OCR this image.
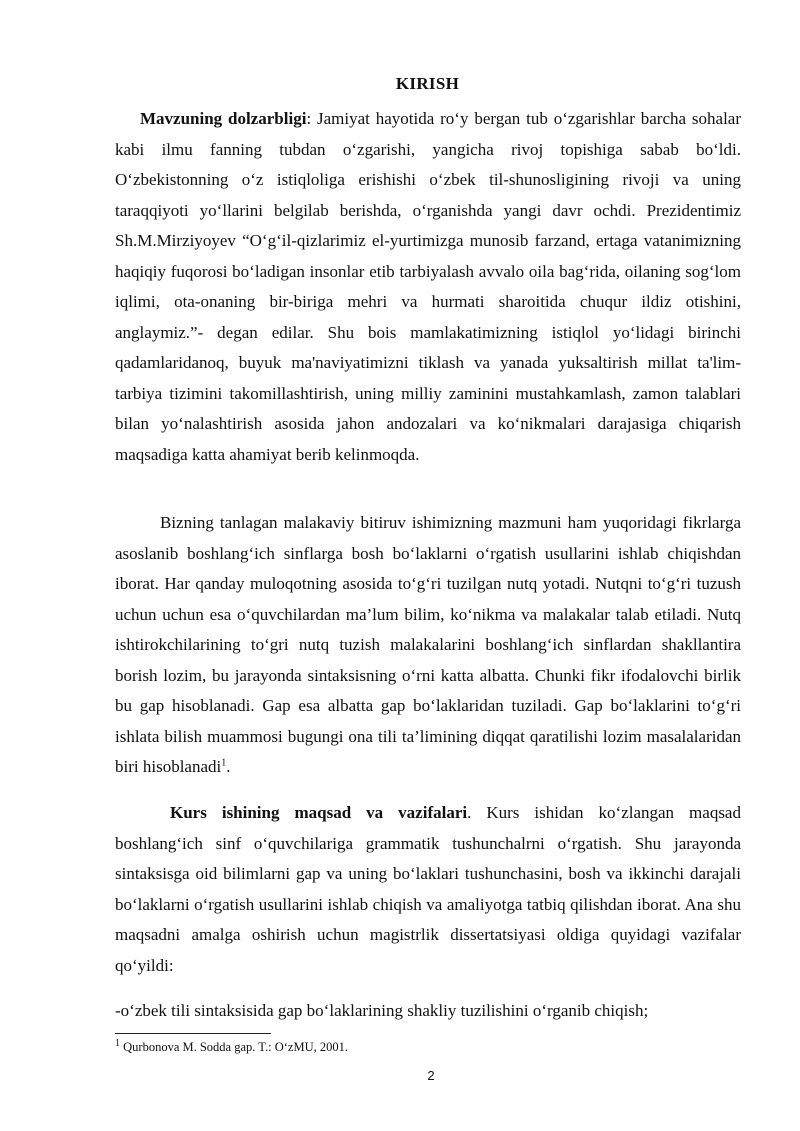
KIRISH
Mavzuning dolzarbligi: Jamiyat hayotida ro‘y bergan tub o‘zgarishlar barcha sohalar kabi ilmu fanning tubdan o‘zgarishi, yangicha rivoj topishiga sabab bo‘ldi. O‘zbekistonning o‘z istiqloliga erishishi o‘zbek til-shunosligining rivoji va uning taraqqiyoti yo‘llarini belgilab berishda, o‘rganishda yangi davr ochdi. Prezidentimiz Sh.M.Mirziyoyev “O‘g‘il-qizlarimiz el-yurtimizga munosib farzand, ertaga vatanimizning haqiqiy fuqorosi bo‘ladigan insonlar etib tarbiyalash avvalo oila bag‘rida, oilaning sog‘lom iqlimi, ota-onaning bir-biriga mehri va hurmati sharoitida chuqur ildiz otishini, anglaymiz.”- degan edilar. Shu bois mamlakatimizning istiqlol yo‘lidagi birinchi qadamlaridanoq, buyuk ma'naviyatimizni tiklash va yanada yuksaltirish millat ta'lim-tarbiya tizimini takomillashtirish, uning milliy zaminini mustahkamlash, zamon talablari bilan yo‘nalashtirish asosida jahon andozalari va ko‘nikmalari darajasiga chiqarish maqsadiga katta ahamiyat berib kelinmoqda.
Bizning tanlagan malakaviy bitiruv ishimizning mazmuni ham yuqoridagi fikrlarga asoslanib boshlang‘ich sinflarga bosh bo‘laklarni o‘rgatish usullarini ishlab chiqishdan iborat. Har qanday muloqotning asosida to‘g‘ri tuzilgan nutq yotadi. Nutqni to‘g‘ri tuzush uchun uchun esa o‘quvchilardan ma’lum bilim, ko‘nikma va malakalar talab etiladi. Nutq ishtirokchilarining to‘gri nutq tuzish malakalarini boshlang‘ich sinflardan shakllantira borish lozim, bu jarayonda sintaksisning o‘rni katta albatta. Chunki fikr ifodalovchi birlik bu gap hisoblanadi. Gap esa albatta gap bo‘laklaridan tuziladi. Gap bo‘laklarini to‘g‘ri ishlata bilish muammosi bugungi ona tili ta’limining diqqat qaratilishi lozim masalalaridan biri hisoblanadi$^1$.
Kurs ishining maqsad va vazifalari. Kurs ishidan ko‘zlangan maqsad boshlang‘ich sinf o‘quvchilariga grammatik tushunchalrni o‘rgatish. Shu jarayonda sintaksisga oid bilimlarni gap va uning bo‘laklari tushunchasini, bosh va ikkinchi darajali bo‘laklarni o‘rgatish usullarini ishlab chiqish va amaliyotga tatbiq qilishdan iborat. Ana shu maqsadni amalga oshirish uchun magistrlik dissertatsiyasi oldiga quyidagi vazifalar qo‘yildi:
-o‘zbek tili sintaksisida gap bo‘laklarining shakliy tuzilishini o‘rganib chiqish;
$^1$ Qurbonova M. Sodda gap. T.: O‘zMU, 2001.
2
